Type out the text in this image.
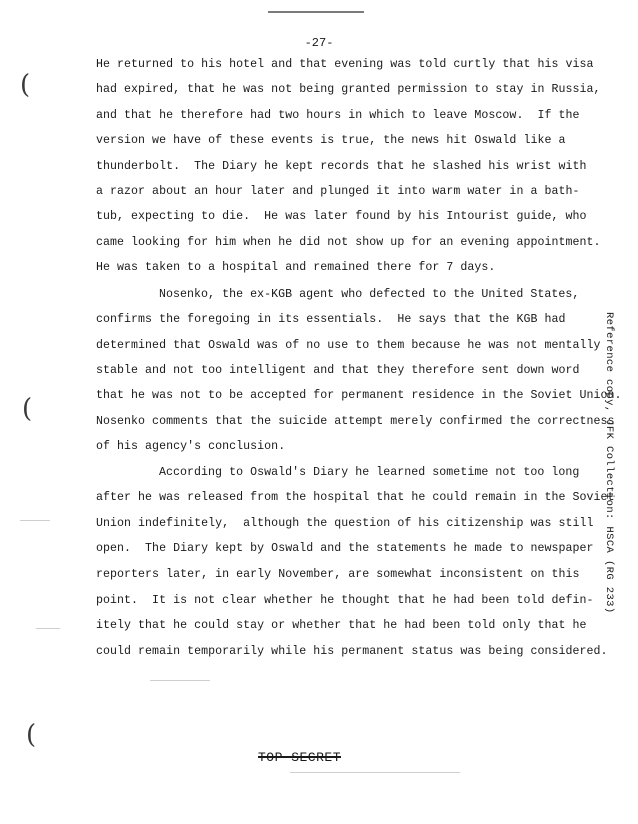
-27-
He returned to his hotel and that evening was told curtly that his visa
had expired, that he was not being granted permission to stay in Russia,
and that he therefore had two hours in which to leave Moscow.  If the
version we have of these events is true, the news hit Oswald like a
thunderbolt.  The Diary he kept records that he slashed his wrist with
a razor about an hour later and plunged it into warm water in a bath-
tub, expecting to die.  He was later found by his Intourist guide, who
came looking for him when he did not show up for an evening appointment.
He was taken to a hospital and remained there for 7 days.
Nosenko, the ex-KGB agent who defected to the United States,
confirms the foregoing in its essentials.  He says that the KGB had
determined that Oswald was of no use to them because he was not mentally
stable and not too intelligent and that they therefore sent down word
that he was not to be accepted for permanent residence in the Soviet Union.
Nosenko comments that the suicide attempt merely confirmed the correctness
of his agency's conclusion.
According to Oswald's Diary he learned sometime not too long
after he was released from the hospital that he could remain in the Soviet
Union indefinitely,  although the question of his citizenship was still
open.  The Diary kept by Oswald and the statements he made to newspaper
reporters later, in early November, are somewhat inconsistent on this
point.  It is not clear whether he thought that he had been told defin-
itely that he could stay or whether that he had been told only that he
could remain temporarily while his permanent status was being considered.
Reference copy, JFK Collection: HSCA (RG 233)
(
(
(
TOP SECRET
